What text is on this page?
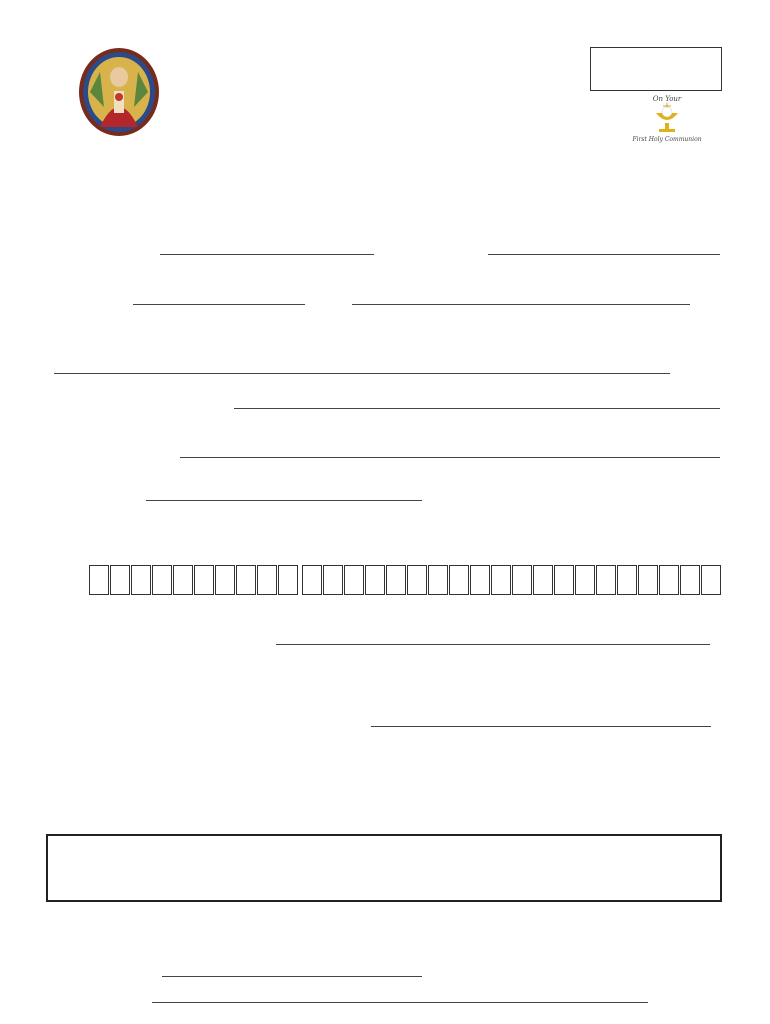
On Your
First Holy Communion
